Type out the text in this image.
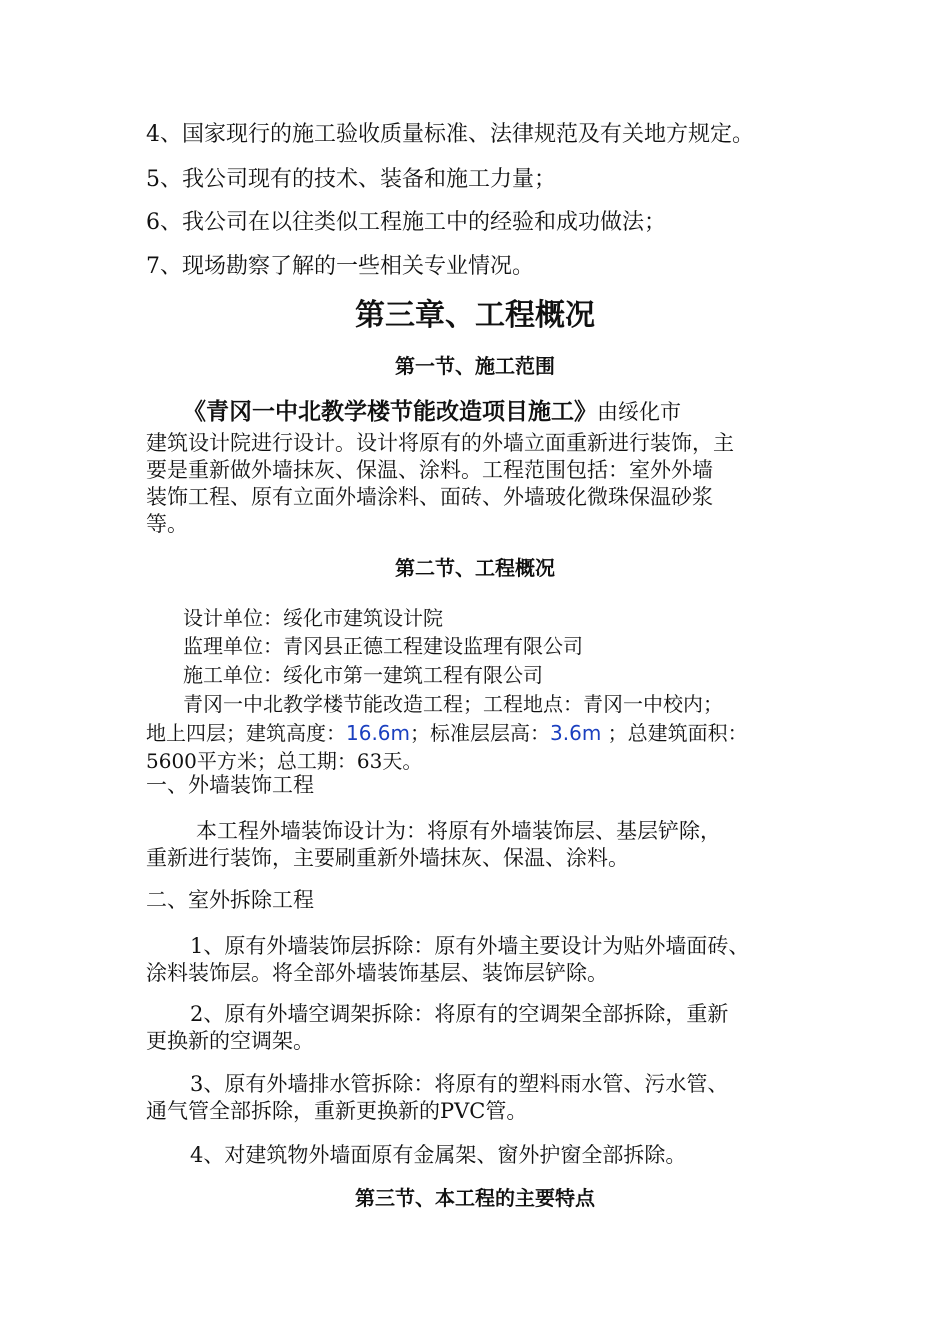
4、国家现行的施工验收质量标准、法律规范及有关地方规定。
5、我公司现有的技术、装备和施工力量；
6、我公司在以往类似工程施工中的经验和成功做法；
7、现场勘察了解的一些相关专业情况。
第三章、工程概况
第一节、施工范围
《青冈一中北教学楼节能改造项目施工》由绥化市
建筑设计院进行设计。设计将原有的外墙立面重新进行装饰，主
要是重新做外墙抹灰、保温、涂料。工程范围包括：室外外墙
装饰工程、原有立面外墙涂料、面砖、外墙玻化微珠保温砂浆
等。
第二节、工程概况
设计单位：绥化市建筑设计院
监理单位：青冈县正德工程建设监理有限公司
施工单位：绥化市第一建筑工程有限公司
青冈一中北教学楼节能改造工程；工程地点：青冈一中校内；
地上四层；建筑高度：16.6m；标准层层高：3.6m ；总建筑面积：
5600平方米；总工期：63天。
一、外墙装饰工程
本工程外墙装饰设计为：将原有外墙装饰层、基层铲除，
重新进行装饰，主要刷重新外墙抹灰、保温、涂料。
二、室外拆除工程
1、原有外墙装饰层拆除：原有外墙主要设计为贴外墙面砖、
涂料装饰层。将全部外墙装饰基层、装饰层铲除。
2、原有外墙空调架拆除：将原有的空调架全部拆除，重新
更换新的空调架。
3、原有外墙排水管拆除：将原有的塑料雨水管、污水管、
通气管全部拆除，重新更换新的PVC管。
4、对建筑物外墙面原有金属架、窗外护窗全部拆除。
第三节、本工程的主要特点
